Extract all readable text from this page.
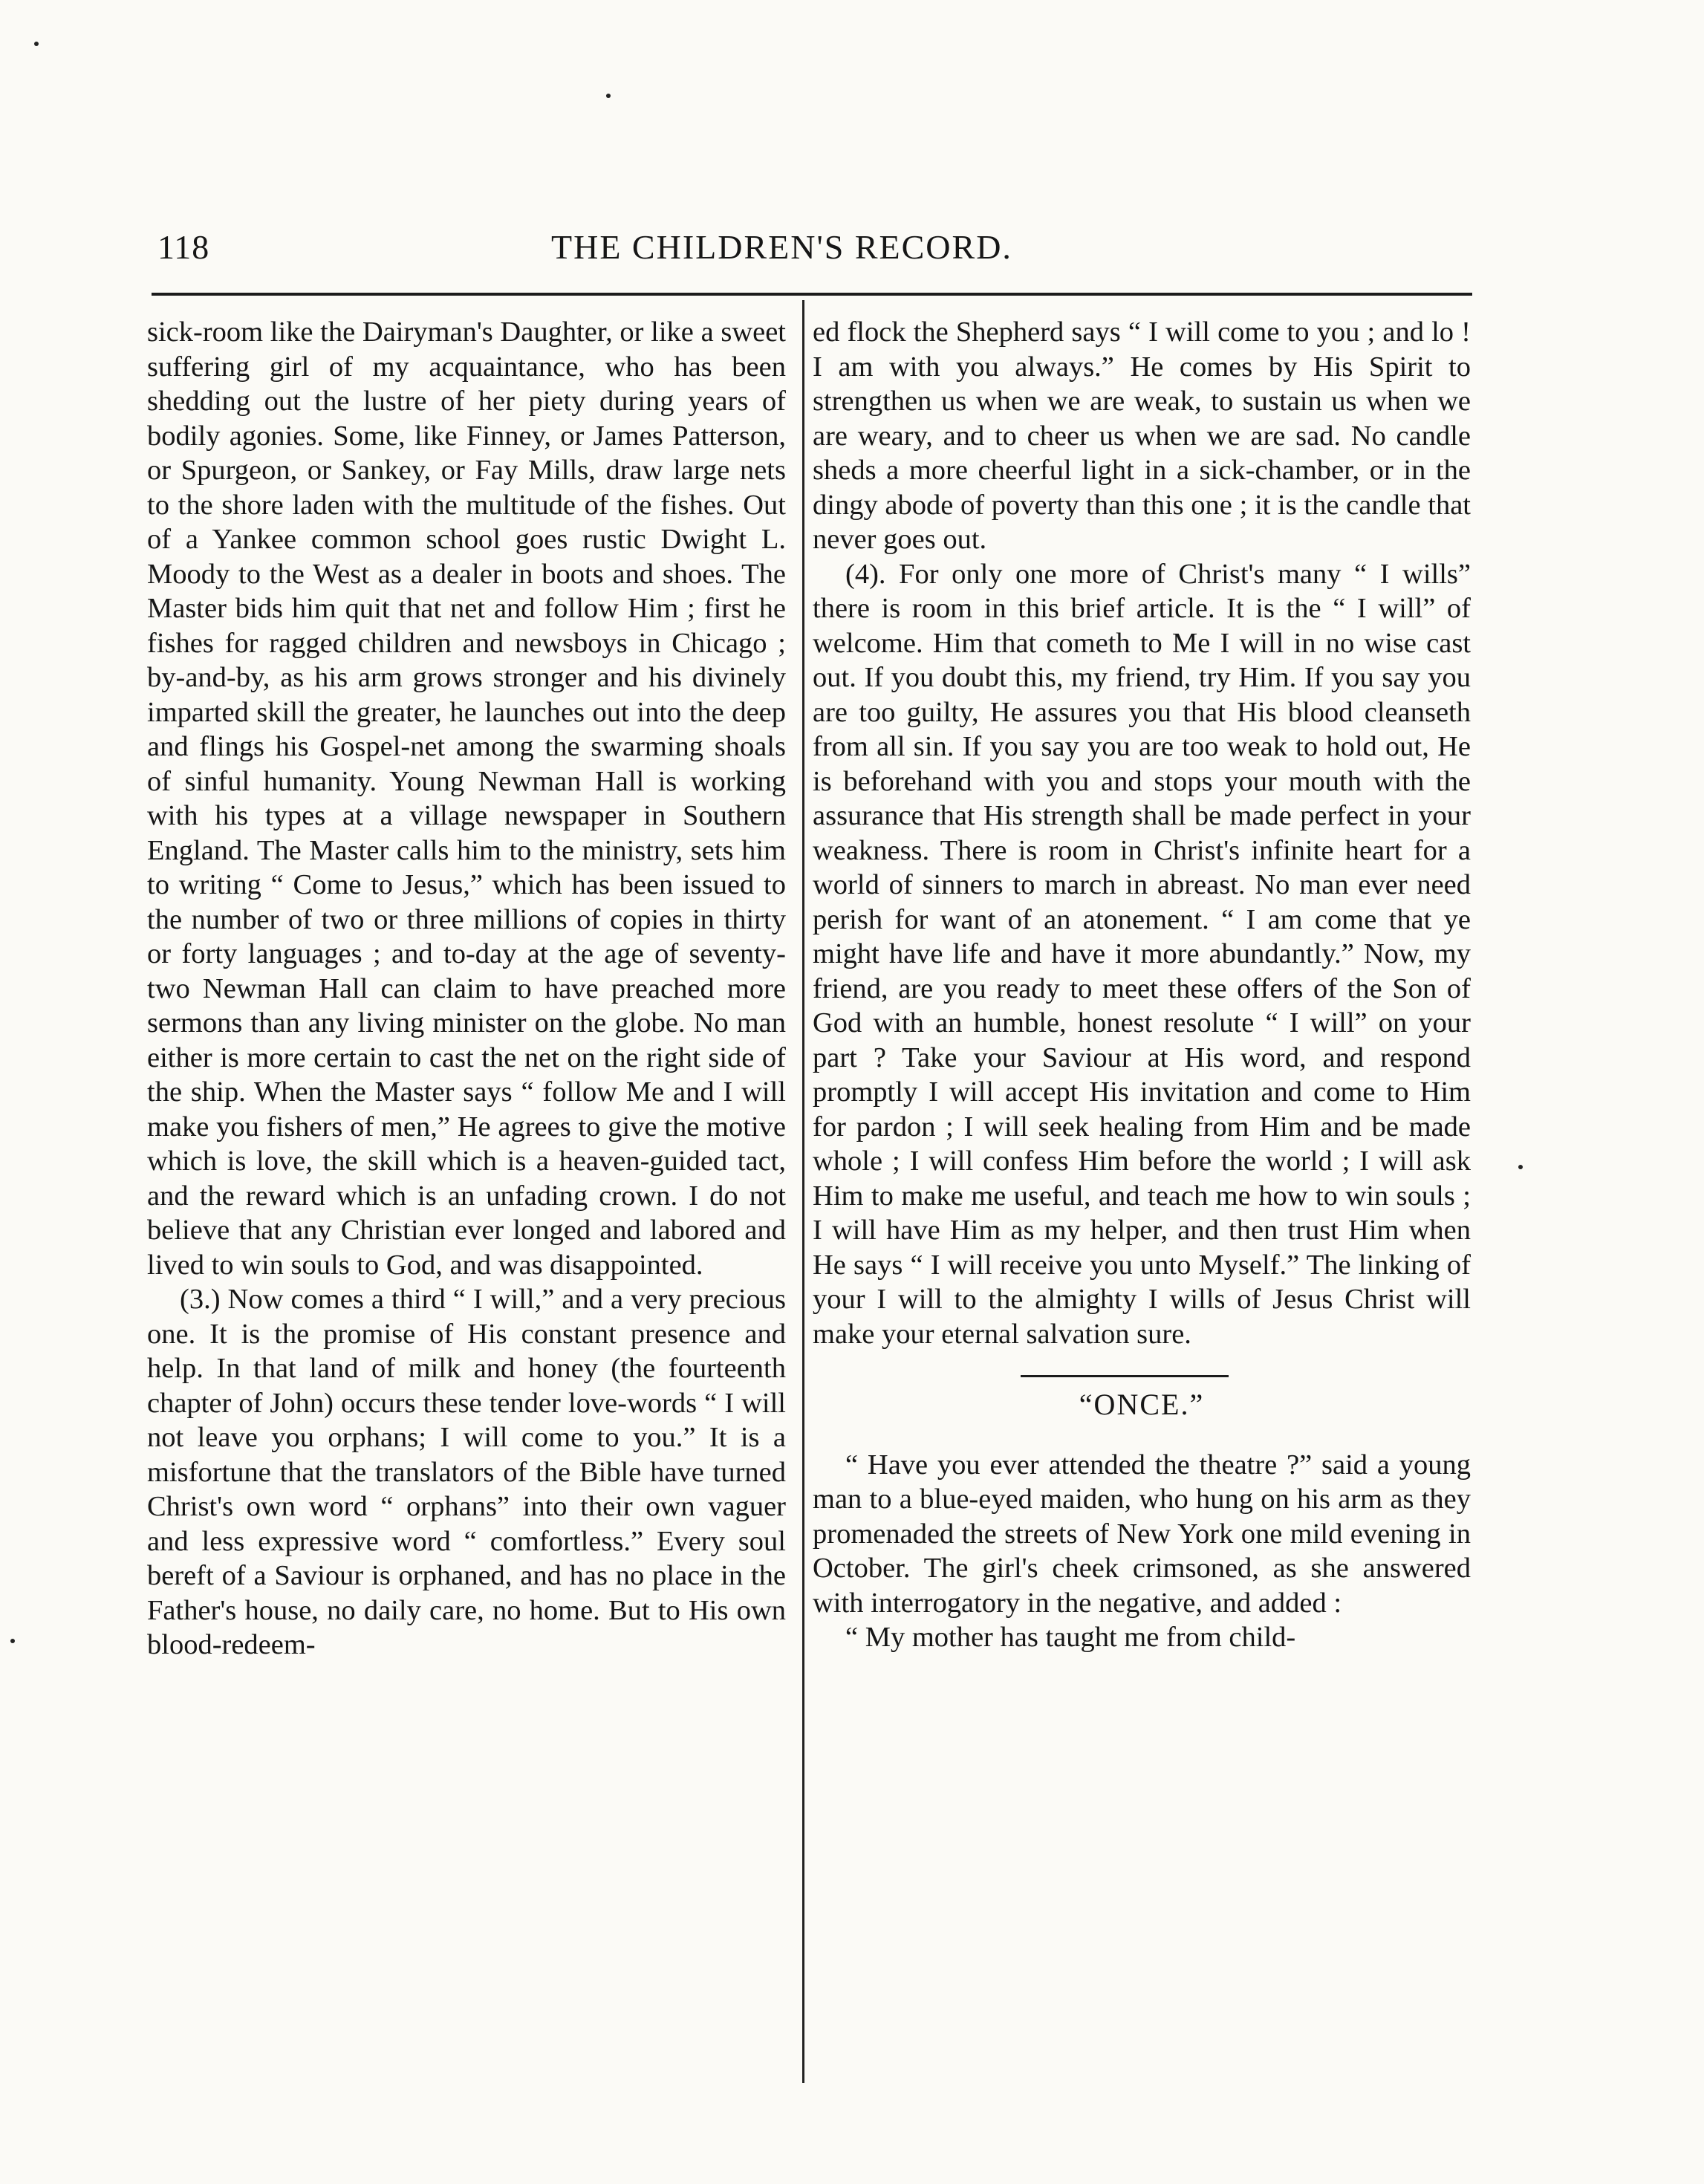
118	THE CHILDREN'S RECORD.

sick-room like the Dairyman's Daughter, or like a sweet suffering girl of my acquaintance, who has been shedding out the lustre of her piety during years of bodily agonies. Some, like Finney, or James Patterson, or Spurgeon, or Sankey, or Fay Mills, draw large nets to the shore laden with the multitude of the fishes. Out of a Yankee common school goes rustic Dwight L. Moody to the West as a dealer in boots and shoes. The Master bids him quit that net and follow Him ; first he fishes for ragged children and newsboys in Chicago ; by-and-by, as his arm grows stronger and his divinely imparted skill the greater, he launches out into the deep and flings his Gospel-net among the swarming shoals of sinful humanity. Young Newman Hall is working with his types at a village newspaper in Southern England. The Master calls him to the ministry, sets him to writing “ Come to Jesus,” which has been issued to the number of two or three millions of copies in thirty or forty languages ; and to-day at the age of seventy-two Newman Hall can claim to have preached more sermons than any living minister on the globe. No man either is more certain to cast the net on the right side of the ship. When the Master says “ follow Me and I will make you fishers of men,” He agrees to give the motive which is love, the skill which is a heaven-guided tact, and the reward which is an unfading crown. I do not believe that any Christian ever longed and labored and lived to win souls to God, and was disappointed.

(3.) Now comes a third “ I will,” and a very precious one. It is the promise of His constant presence and help. In that land of milk and honey (the fourteenth chapter of John) occurs these tender love-words “ I will not leave you orphans; I will come to you.” It is a misfortune that the translators of the Bible have turned Christ's own word “ orphans” into their own vaguer and less expressive word “ comfortless.” Every soul bereft of a Saviour is orphaned, and has no place in the Father's house, no daily care, no home. But to His own blood-redeem-

ed flock the Shepherd says “ I will come to you ; and lo ! I am with you always.” He comes by His Spirit to strengthen us when we are weak, to sustain us when we are weary, and to cheer us when we are sad. No candle sheds a more cheerful light in a sick-chamber, or in the dingy abode of poverty than this one ; it is the candle that never goes out.

(4). For only one more of Christ's many “ I wills” there is room in this brief article. It is the “ I will” of welcome. Him that cometh to Me I will in no wise cast out. If you doubt this, my friend, try Him. If you say you are too guilty, He assures you that His blood cleanseth from all sin. If you say you are too weak to hold out, He is beforehand with you and stops your mouth with the assurance that His strength shall be made perfect in your weakness. There is room in Christ's infinite heart for a world of sinners to march in abreast. No man ever need perish for want of an atonement. “ I am come that ye might have life and have it more abundantly.” Now, my friend, are you ready to meet these offers of the Son of God with an humble, honest resolute “ I will” on your part ? Take your Saviour at His word, and respond promptly I will accept His invitation and come to Him for pardon ; I will seek healing from Him and be made whole ; I will confess Him before the world ; I will ask Him to make me useful, and teach me how to win souls ; I will have Him as my helper, and then trust Him when He says “ I will receive you unto Myself.” The linking of your I will to the almighty I wills of Jesus Christ will make your eternal salvation sure.

“ONCE.”

“ Have you ever attended the theatre ?” said a young man to a blue-eyed maiden, who hung on his arm as they promenaded the streets of New York one mild evening in October. The girl's cheek crimsoned, as she answered with interrogatory in the negative, and added :

“ My mother has taught me from child-
